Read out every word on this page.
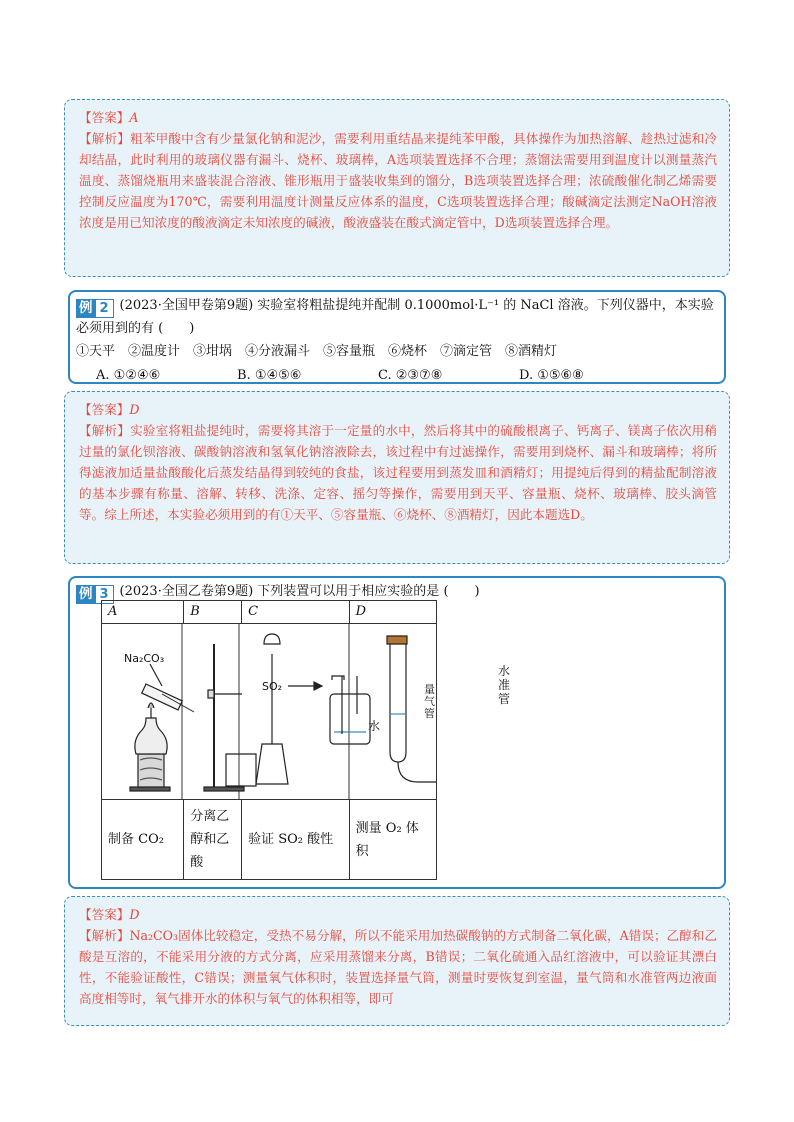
【答案】A

【解析】粗苯甲酸中含有少量氯化钠和泥沙，需要利用重结晶来提纯苯甲酸，具体操作为加热溶解、趁热过滤和冷却结晶，此时利用的玻璃仪器有漏斗、烧杯、玻璃棒，A选项装置选择不合理；蒸馏法需要用到温度计以测量蒸汽温度、蒸馏烧瓶用来盛装混合溶液、锥形瓶用于盛装收集到的馏分，B选项装置选择合理；浓硫酸催化制乙烯需要控制反应温度为170℃，需要利用温度计测量反应体系的温度，C选项装置选择合理；酸碱滴定法测定NaOH溶液浓度是用已知浓度的酸液滴定未知浓度的碱液，酸液盛装在酸式滴定管中，D选项装置选择合理。

例 2 (2023·全国甲卷第9题) 实验室将粗盐提纯并配制 0.1000mol·L⁻¹ 的 NaCl 溶液。下列仪器中，本实验必须用到的有 (　　)
①天平　②温度计　③坩埚　④分液漏斗　⑤容量瓶　⑥烧杯　⑦滴定管　⑧酒精灯
A. ①②④⑥	B. ①④⑤⑥	C. ②③⑦⑧	D. ①⑤⑥⑧

【答案】D

【解析】实验室将粗盐提纯时，需要将其溶于一定量的水中，然后将其中的硫酸根离子、钙离子、镁离子依次用稍过量的氯化钡溶液、碳酸钠溶液和氢氧化钠溶液除去，该过程中有过滤操作，需要用到烧杯、漏斗和玻璃棒；将所得滤液加适量盐酸酸化后蒸发结晶得到较纯的食盐，该过程要用到蒸发皿和酒精灯；用提纯后得到的精盐配制溶液的基本步骤有称量、溶解、转移、洗涤、定容、摇匀等操作，需要用到天平、容量瓶、烧杯、玻璃棒、胶头滴管等。综上所述，本实验必须用到的有①天平、⑤容量瓶、⑥烧杯、⑧酒精灯，因此本题选D。

例 3 (2023·全国乙卷第9题) 下列装置可以用于相应实验的是 (　　)
A	B	C	D

Na₂CO₃
SO₂
水
量气管			

制备 CO₂	分离乙醇和乙酸	验证 SO₂ 酸性	测量 O₂ 体积
水准管

【答案】D

【解析】Na₂CO₃固体比较稳定，受热不易分解，所以不能采用加热碳酸钠的方式制备二氧化碳，A错误；乙醇和乙酸是互溶的，不能采用分液的方式分离，应采用蒸馏来分离，B错误；二氧化硫通入品红溶液中，可以验证其漂白性，不能验证酸性，C错误；测量氧气体积时，装置选择量气筒，测量时要恢复到室温，量气筒和水准管两边液面高度相等时，氧气排开水的体积与氧气的体积相等，即可
